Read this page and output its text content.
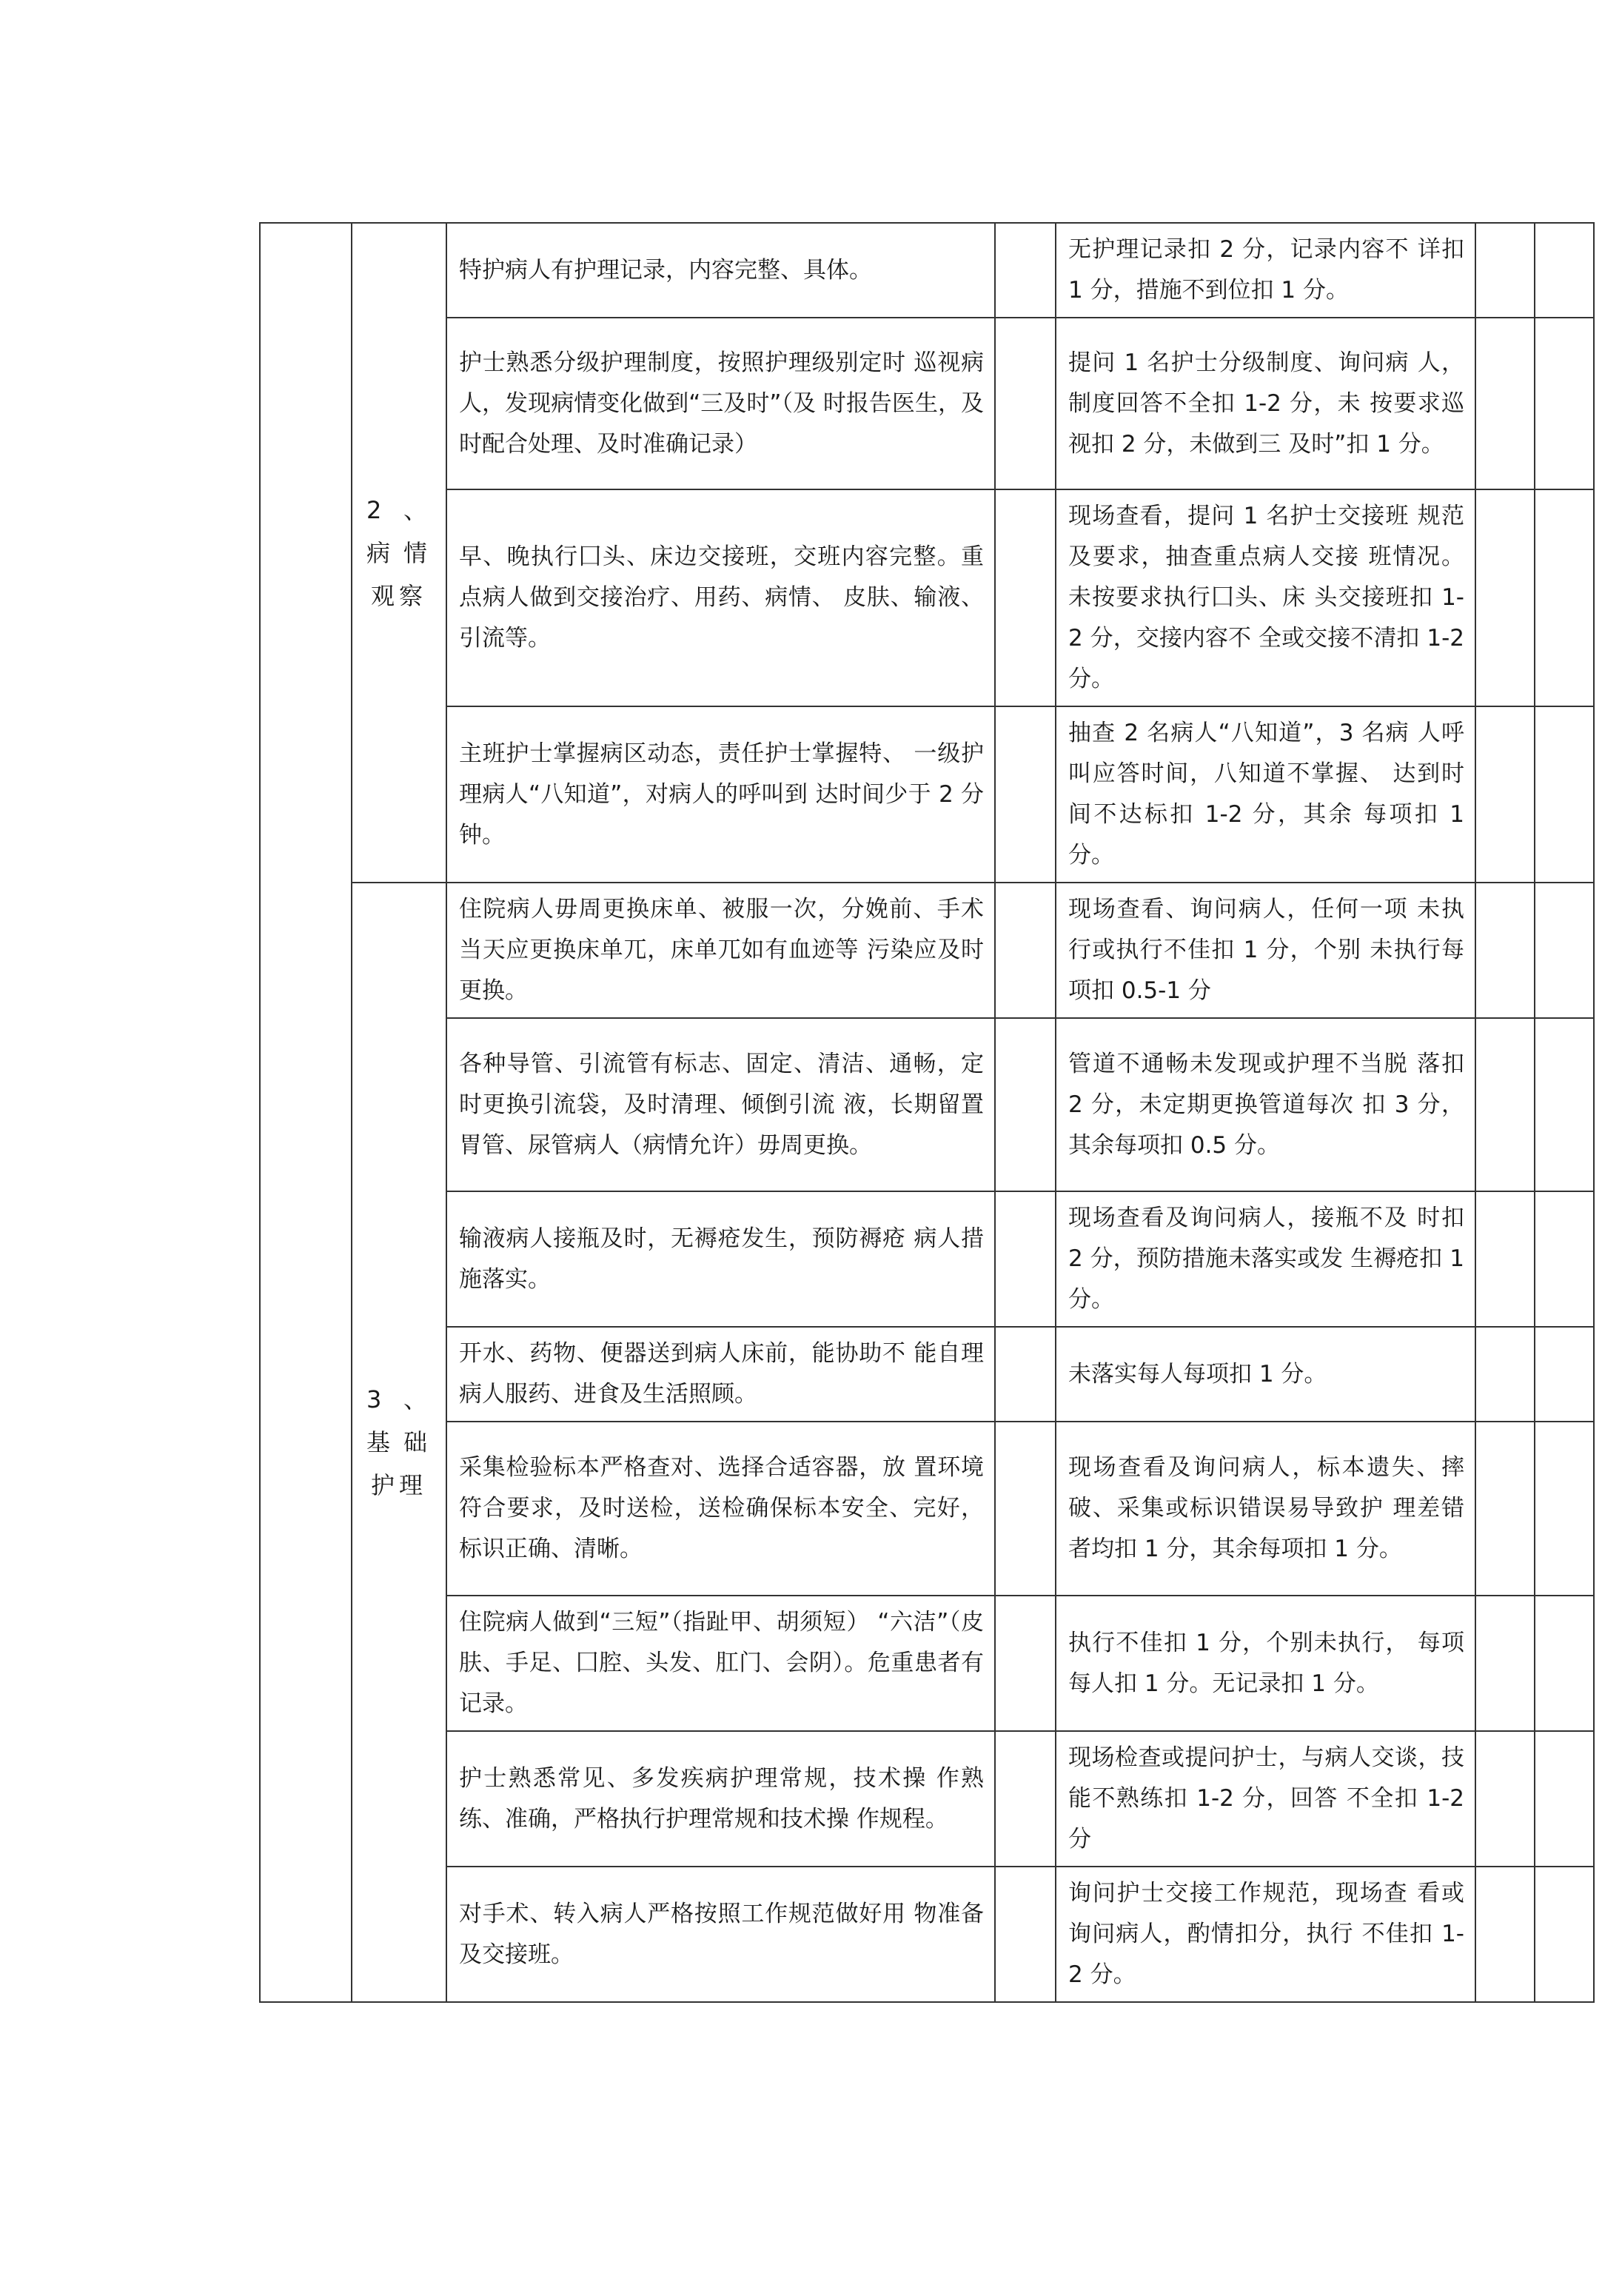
	2、病情观察	特护病人有护理记录，内容完整、具体。		无护理记录扣 2 分，记录内容不 详扣 1 分，措施不到位扣 1 分。		
		护士熟悉分级护理制度，按照护理级别定时 巡视病人，发现病情变化做到“三及时”（及 时报告医生，及时配合处理、及时准确记录）		提问 1 名护士分级制度、询问病 人，制度回答不全扣 1-2 分，未 按要求巡视扣 2 分，未做到三 及时”扣 1 分。		
		早、晚执行囗头、床边交接班，交班内容完整。重点病人做到交接治疗、用药、病情、 皮肤、输液、引流等。		现场查看，提问 1 名护士交接班 规范及要求，抽查重点病人交接 班情况。未按要求执行囗头、床 头交接班扣 1-2 分，交接内容不 全或交接不清扣 1-2 分。		
		主班护士掌握病区动态，责任护士掌握特、 一级护理病人“八知道”，对病人的呼叫到 达时间少于 2 分钟。		抽查 2 名病人“八知道”，3 名病 人呼叫应答时间，八知道不掌握、 达到时间不达标扣 1-2 分，其余 每项扣 1 分。		
	3、基础护理	住院病人毋周更换床单、被服一次，分娩前、手术当天应更换床单兀，床单兀如有血迹等 污染应及时更换。		现场查看、询问病人，任何一项 未执行或执行不佳扣 1 分，个别 未执行每项扣 0.5-1 分		
		各种导管、引流管有标志、固定、清洁、通畅，定时更换引流袋，及时清理、倾倒引流 液，长期留置胃管、尿管病人（病情允许）毋周更换。		管道不通畅未发现或护理不当脱 落扣 2 分，未定期更换管道每次 扣 3 分，其余每项扣 0.5 分。		
		输液病人接瓶及时，无褥疮发生，预防褥疮 病人措施落实。		现场查看及询问病人，接瓶不及 时扣 2 分，预防措施未落实或发 生褥疮扣 1 分。		
		开水、药物、便器送到病人床前，能协助不 能自理病人服药、进食及生活照顾。		未落实每人每项扣 1 分。		
		采集检验标本严格查对、选择合适容器，放 置环境符合要求，及时送检，送检确保标本安全、完好，标识正确、清晰。		现场查看及询问病人，标本遗失、摔破、采集或标识错误易导致护 理差错者均扣 1 分，其余每项扣 1 分。		
		住院病人做到“三短”（指趾甲、胡须短） “六洁”（皮肤、手足、囗腔、头发、肛门、会阴）。危重患者有记录。		执行不佳扣 1 分，个别未执行， 每项每人扣 1 分。无记录扣 1 分。		
		护士熟悉常见、多发疾病护理常规，技术操 作熟练、准确，严格执行护理常规和技术操 作规程。		现场检查或提问护士，与病人交谈，技能不熟练扣 1-2 分，回答 不全扣 1-2 分		
		对手术、转入病人严格按照工作规范做好用 物准备及交接班。		询问护士交接工作规范，现场查 看或询问病人，酌情扣分，执行 不佳扣 1-2 分。		
